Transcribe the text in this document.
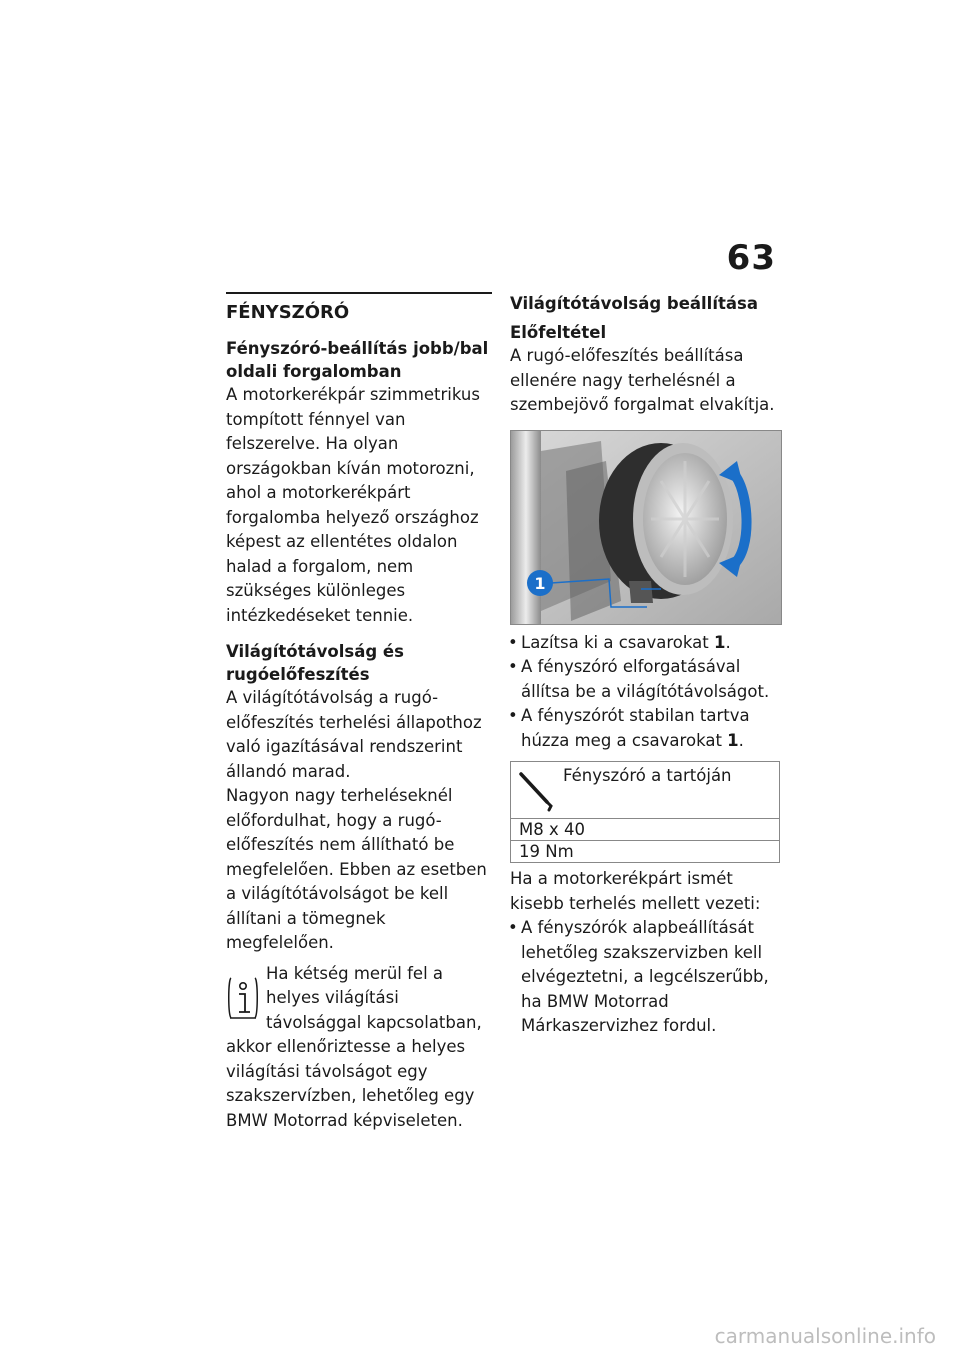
63
FÉNYSZÓRÓ
Fényszóró-beállítás jobb/bal oldali forgalomban

A motorkerékpár szimmetrikus tompított fénnyel van felszerelve. Ha olyan országokban kíván motorozni, ahol a motorkerékpárt forgalomba helyező országhoz képest az ellentétes oldalon halad a forgalom, nem szükséges különleges intézkedéseket tennie.

Világítótávolság és rugóelőfeszítés

A világítótávolság a rugó-előfeszítés terhelési állapothoz való igazításával rendszerint állandó marad.

Nagyon nagy terheléseknél előfordulhat, hogy a rugó-előfeszítés nem állítható be megfelelően. Ebben az esetben a világítótávolságot be kell állítani a tömegnek megfelelően.

Ha kétség merül fel a helyes világítási távolsággal kapcsolatban, akkor ellenőriztesse a helyes világítási távolságot egy szakszervízben, lehetőleg egy BMW Motorrad képviseleten.
Világítótávolság beállítása
Előfeltétel

A rugó-előfeszítés beállítása ellenére nagy terhelésnél a szembejövő forgalmat elvakítja.

1
• Lazítsa ki a csavarokat 1.
• A fényszóró elforgatásával állítsa be a világítótávolságot.
• A fényszórót stabilan tartva húzza meg a csavarokat 1.
Fényszóró a tartóján
M8 x 40
19 Nm

Ha a motorkerékpárt ismét kisebb terhelés mellett vezeti:

• A fényszórók alapbeállítását lehetőleg szakszervizben kell elvégeztetni, a legcélszerűbb, ha BMW Motorrad Márkaszervizhez fordul.
carmanualsonline.info
